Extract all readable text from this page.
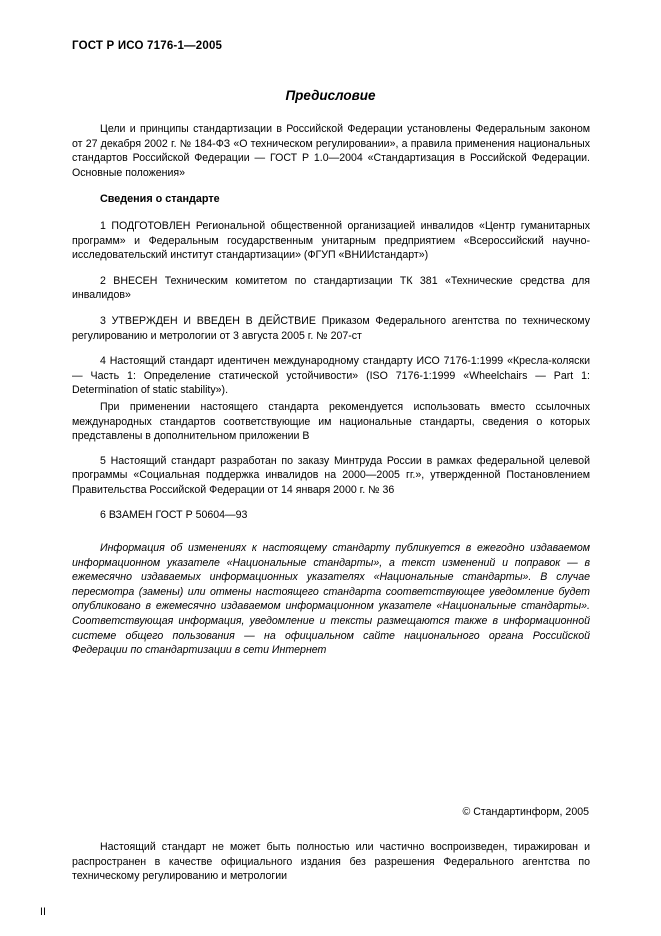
ГОСТ Р ИСО 7176-1—2005
Предисловие

Цели и принципы стандартизации в Российской Федерации установлены Федеральным законом от 27 декабря 2002 г. № 184-ФЗ «О техническом регулировании», а правила применения национальных стандартов Российской Федерации — ГОСТ Р 1.0—2004 «Стандартизация в Российской Федерации. Основные положения»

Сведения о стандарте

1 ПОДГОТОВЛЕН Региональной общественной организацией инвалидов «Центр гуманитарных программ» и Федеральным государственным унитарным предприятием «Всероссийский научно-исследовательский институт стандартизации» (ФГУП «ВНИИстандарт»)

2 ВНЕСЕН Техническим комитетом по стандартизации ТК 381 «Технические средства для инвалидов»

3 УТВЕРЖДЕН И ВВЕДЕН В ДЕЙСТВИЕ Приказом Федерального агентства по техническому регулированию и метрологии от 3 августа 2005 г. № 207-ст

4 Настоящий стандарт идентичен международному стандарту ИСО 7176-1:1999 «Кресла-коляски — Часть 1: Определение статической устойчивости» (ISO 7176-1:1999 «Wheelchairs — Part 1: Determination of static stability»).

При применении настоящего стандарта рекомендуется использовать вместо ссылочных международных стандартов соответствующие им национальные стандарты, сведения о которых представлены в дополнительном приложении В

5 Настоящий стандарт разработан по заказу Минтруда России в рамках федеральной целевой программы «Социальная поддержка инвалидов на 2000—2005 гг.», утвержденной Постановлением Правительства Российской Федерации от 14 января 2000 г. № 36

6 ВЗАМЕН ГОСТ Р 50604—93

Информация об изменениях к настоящему стандарту публикуется в ежегодно издаваемом информационном указателе «Национальные стандарты», а текст изменений и поправок — в ежемесячно издаваемых информационных указателях «Национальные стандарты». В случае пересмотра (замены) или отмены настоящего стандарта соответствующее уведомление будет опубликовано в ежемесячно издаваемом информационном указателе «Национальные стандарты». Соответствующая информация, уведомление и тексты размещаются также в информационной системе общего пользования — на официальном сайте национального органа Российской Федерации по стандартизации в сети Интернет

© Стандартинформ, 2005

Настоящий стандарт не может быть полностью или частично воспроизведен, тиражирован и распространен в качестве официального издания без разрешения Федерального агентства по техническому регулированию и метрологии

II
